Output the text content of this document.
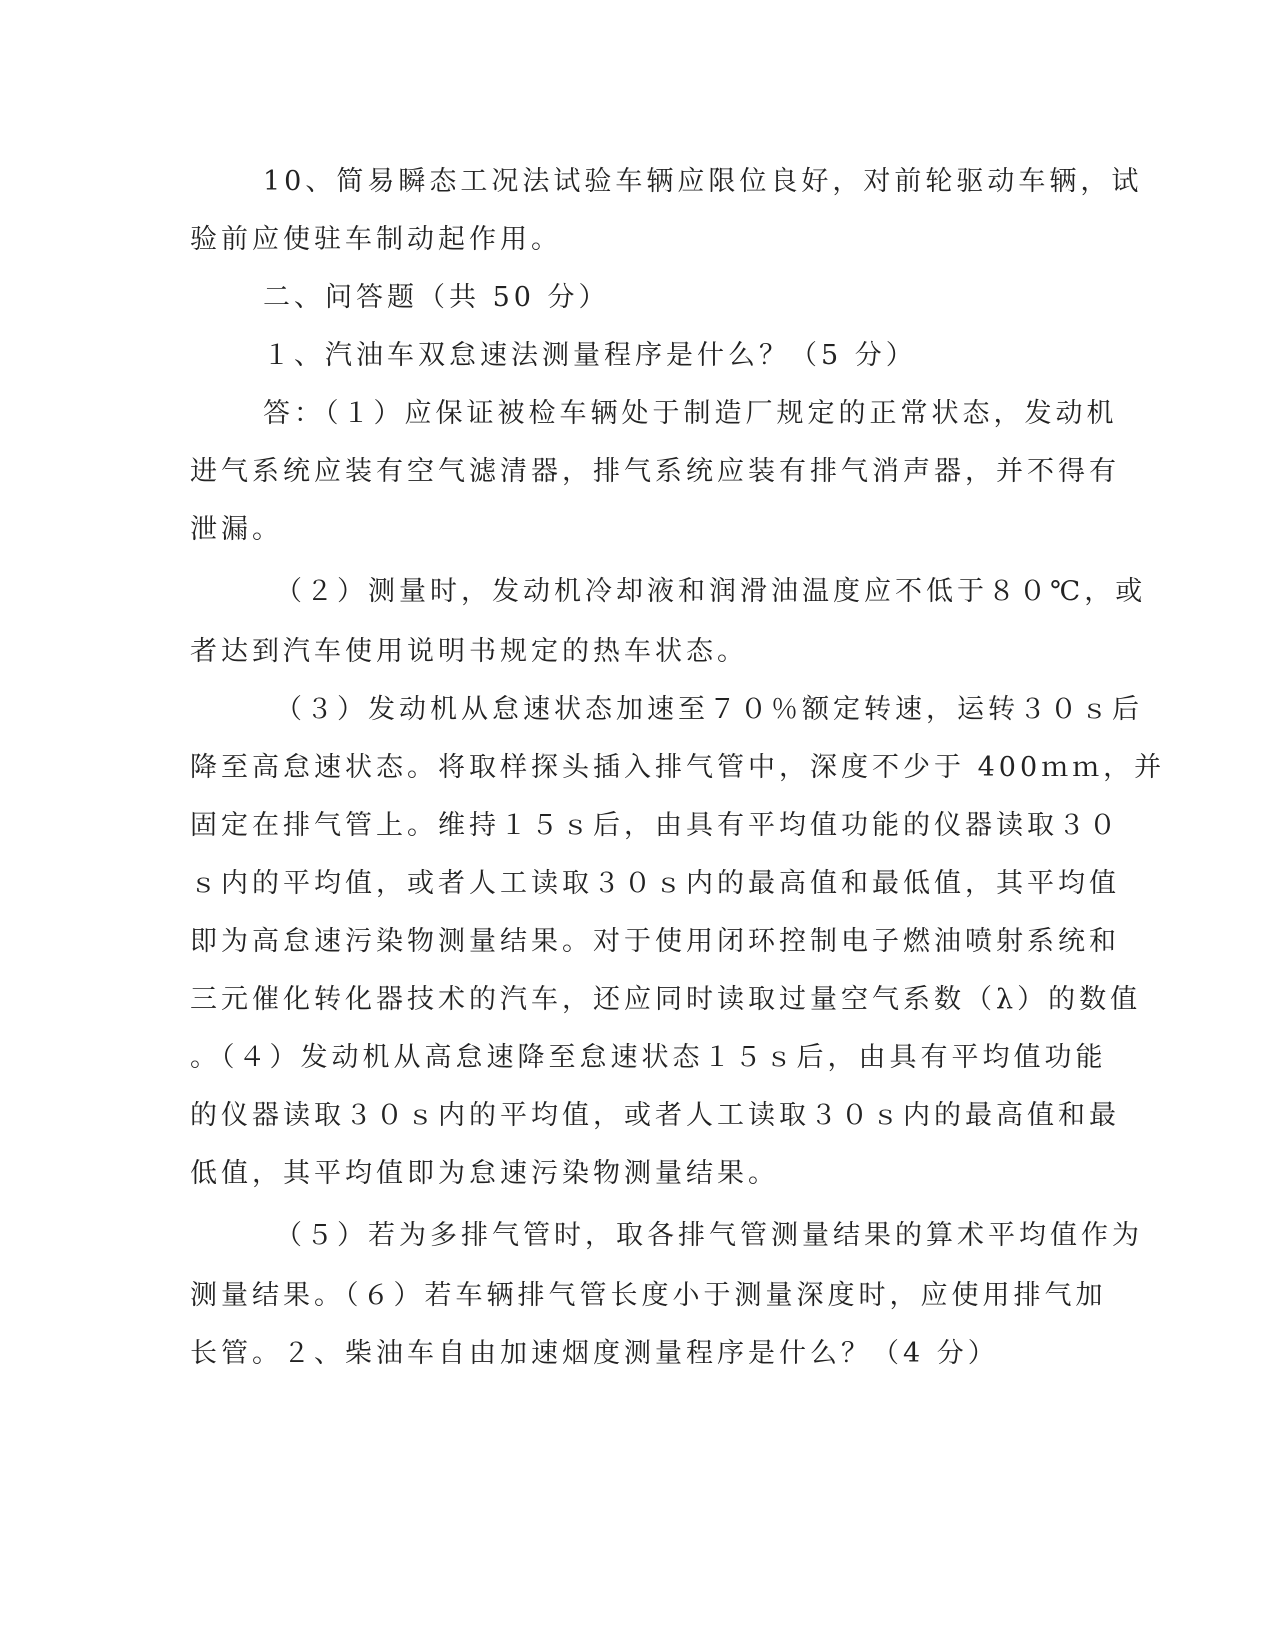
10、简易瞬态工况法试验车辆应限位良好，对前轮驱动车辆，试
验前应使驻车制动起作用。
二、问答题（共 50 分）
１、汽油车双怠速法测量程序是什么？（5 分）
答：（１）应保证被检车辆处于制造厂规定的正常状态，发动机
进气系统应装有空气滤清器，排气系统应装有排气消声器，并不得有
泄漏。
（２）测量时，发动机冷却液和润滑油温度应不低于８０℃，或
者达到汽车使用说明书规定的热车状态。
（３）发动机从怠速状态加速至７０％额定转速，运转３０ｓ后
降至高怠速状态。将取样探头插入排气管中，深度不少于 400ｍｍ，并
固定在排气管上。维持１５ｓ后，由具有平均值功能的仪器读取３０
ｓ内的平均值，或者人工读取３０ｓ内的最高值和最低值，其平均值
即为高怠速污染物测量结果。对于使用闭环控制电子燃油喷射系统和
三元催化转化器技术的汽车，还应同时读取过量空气系数（λ）的数值
。（４）发动机从高怠速降至怠速状态１５ｓ后，由具有平均值功能
的仪器读取３０ｓ内的平均值，或者人工读取３０ｓ内的最高值和最
低值，其平均值即为怠速污染物测量结果。
（５）若为多排气管时，取各排气管测量结果的算术平均值作为
测量结果。（６）若车辆排气管长度小于测量深度时，应使用排气加
长管。２、柴油车自由加速烟度测量程序是什么？（4 分）
